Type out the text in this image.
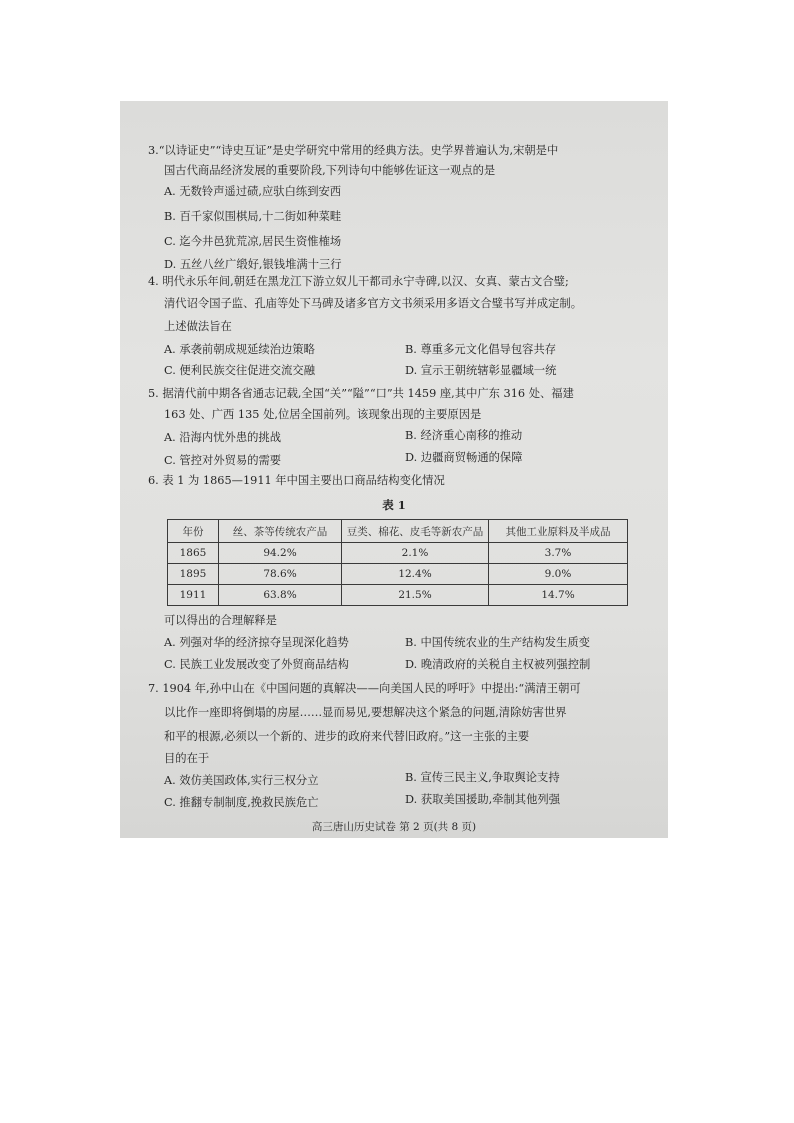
3.“以诗证史”“诗史互证”是史学研究中常用的经典方法。史学界普遍认为,宋朝是中
国古代商品经济发展的重要阶段,下列诗句中能够佐证这一观点的是
A. 无数铃声遥过碛,应驮白练到安西
B. 百千家似围棋局,十二街如种菜畦
C. 迄今井邑犹荒凉,居民生资惟榷场
D. 五丝八丝广缎好,银钱堆满十三行
4. 明代永乐年间,朝廷在黑龙江下游立奴儿干都司永宁寺碑,以汉、女真、蒙古文合璧;
清代诏令国子监、孔庙等处下马碑及诸多官方文书须采用多语文合璧书写并成定制。
上述做法旨在
A. 承袭前朝成规延续治边策略	B. 尊重多元文化倡导包容共存
C. 便利民族交往促进交流交融	D. 宣示王朝统辖彰显疆域一统
5. 据清代前中期各省通志记载,全国“关”“隘”“口”共 1459 座,其中广东 316 处、福建
163 处、广西 135 处,位居全国前列。该现象出现的主要原因是
A. 沿海内忧外患的挑战	B. 经济重心南移的推动
C. 管控对外贸易的需要	D. 边疆商贸畅通的保障
6. 表 1 为 1865—1911 年中国主要出口商品结构变化情况
表 1
年份	丝、茶等传统农产品	豆类、棉花、皮毛等新农产品	其他工业原料及半成品
1865	94.2%	2.1%	3.7%
1895	78.6%	12.4%	9.0%
1911	63.8%	21.5%	14.7%
可以得出的合理解释是
A. 列强对华的经济掠夺呈现深化趋势	B. 中国传统农业的生产结构发生质变
C. 民族工业发展改变了外贸商品结构	D. 晚清政府的关税自主权被列强控制
7. 1904 年,孙中山在《中国问题的真解决——向美国人民的呼吁》中提出:“满清王朝可
以比作一座即将倒塌的房屋……显而易见,要想解决这个紧急的问题,清除妨害世界
和平的根源,必须以一个新的、进步的政府来代替旧政府。”这一主张的主要
目的在于
A. 效仿美国政体,实行三权分立	B. 宣传三民主义,争取舆论支持
C. 推翻专制制度,挽救民族危亡	D. 获取美国援助,牵制其他列强
高三唐山历史试卷 第 2 页(共 8 页)
